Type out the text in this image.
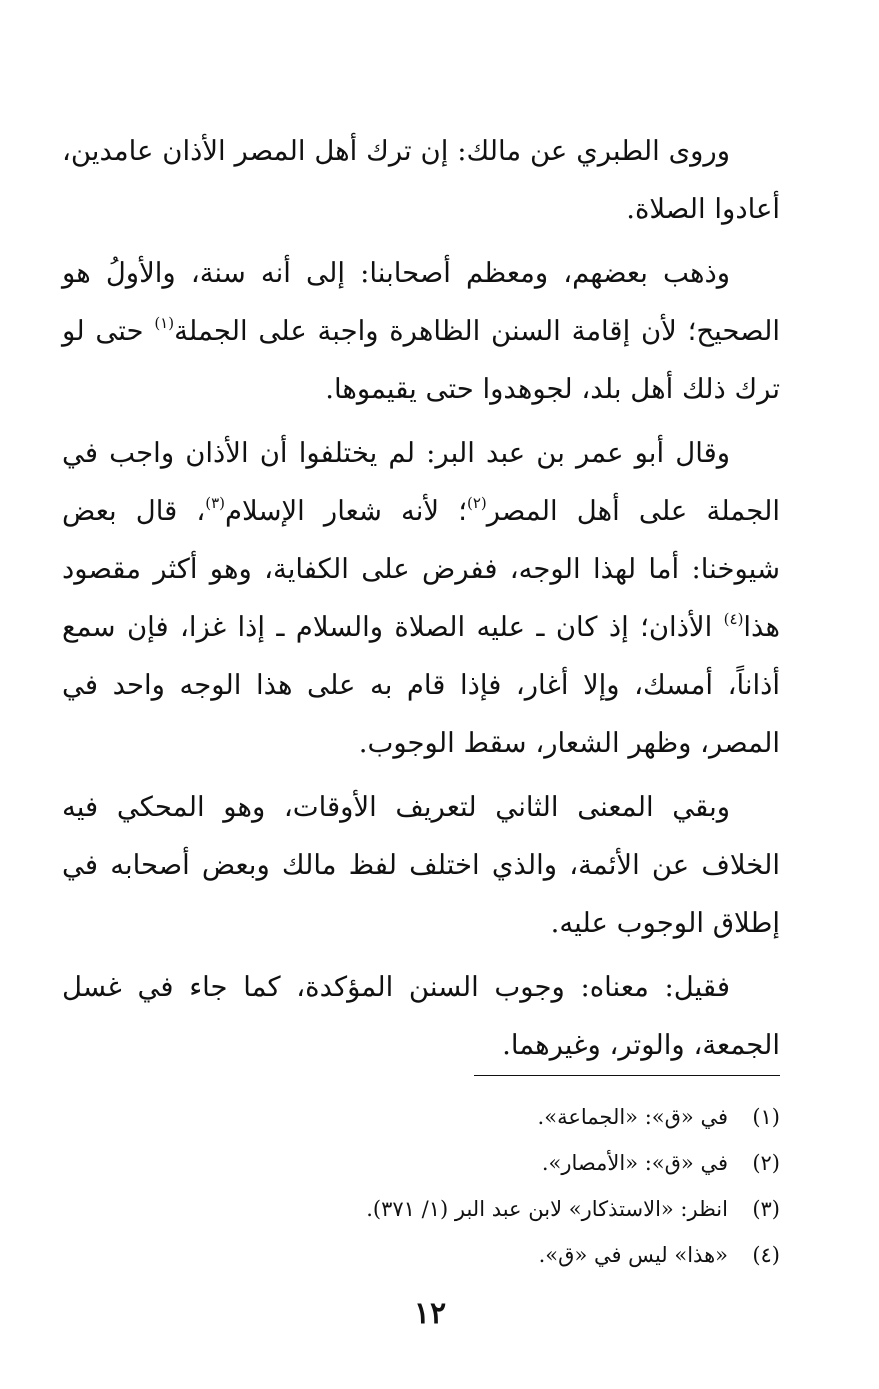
وروى الطبري عن مالك: إن ترك أهل المصر الأذان عامدين، أعادوا الصلاة.

وذهب بعضهم، ومعظم أصحابنا: إلى أنه سنة، والأولُ هو الصحيح؛ لأن إقامة السنن الظاهرة واجبة على الجملة$^{(١)}$ حتى لو ترك ذلك أهل بلد، لجوهدوا حتى يقيموها.

وقال أبو عمر بن عبد البر: لم يختلفوا أن الأذان واجب في الجملة على أهل المصر$^{(٢)}$؛ لأنه شعار الإسلام$^{(٣)}$، قال بعض شيوخنا: أما لهذا الوجه، ففرض على الكفاية، وهو أكثر مقصود هذا$^{(٤)}$ الأذان؛ إذ كان ـ عليه الصلاة والسلام ـ إذا غزا، فإن سمع أذاناً، أمسك، وإلا أغار، فإذا قام به على هذا الوجه واحد في المصر، وظهر الشعار، سقط الوجوب.

وبقي المعنى الثاني لتعريف الأوقات، وهو المحكي فيه الخلاف عن الأئمة، والذي اختلف لفظ مالك وبعض أصحابه في إطلاق الوجوب عليه.

فقيل: معناه: وجوب السنن المؤكدة، كما جاء في غسل الجمعة، والوتر، وغيرهما.

(١)
في «ق»: «الجماعة».
(٢)
في «ق»: «الأمصار».
(٣)
انظر: «الاستذكار» لابن عبد البر (١/ ٣٧١).
(٤)
«هذا» ليس في «ق».
١٢
